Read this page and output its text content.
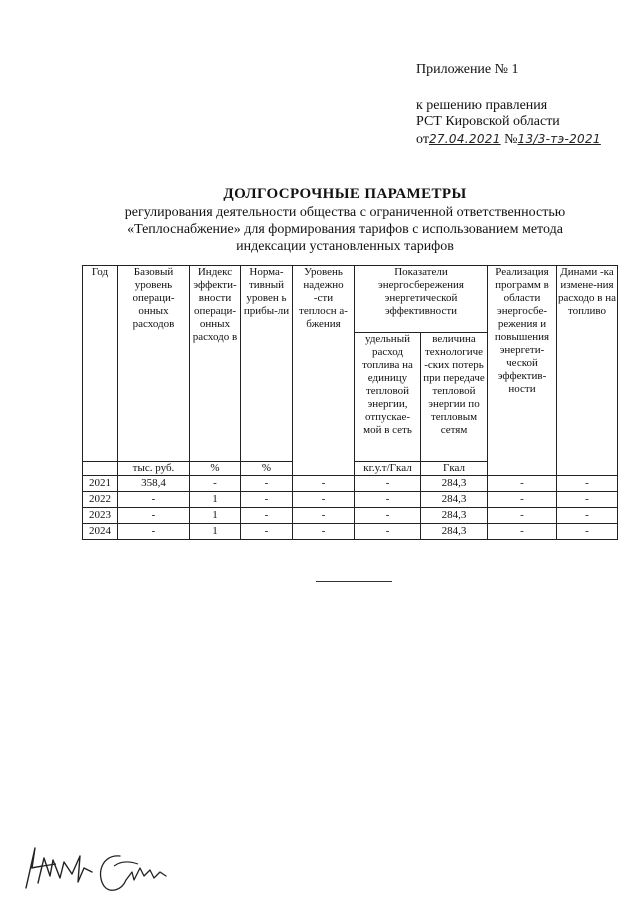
Приложение № 1
к решению правления
РСТ Кировской области
от27.04.2021 №13/3-тэ-2021
ДОЛГОСРОЧНЫЕ ПАРАМЕТРЫ
регулирования деятельности общества с ограниченной ответственностью
«Теплоснабжение» для формирования тарифов с использованием метода
индексации установленных тарифов
Год	Базовый уровень операци-онных расходов	Индекс эффекти-вности операци-онных расходо в	Норма-тивный уровен ь прибы-ли	Уровень надежно -сти теплосн а-бжения	Показатели энергосбережения энергетической эффективности		Реализация программ в области энергосбе-режения и повышения энергети-ческой эффектив-ности	Динами -ка измене-ния расходо в на топливо
					удельный расход топлива на единицу тепловой энергии, отпускае-мой в сеть	величина технологиче -ских потерь при передаче тепловой энергии по тепловым сетям		
	тыс. руб.	%	%		кг.у.т/Гкал	Гкал		
2021	358,4	-	-	-	-	284,3	-	-
2022	-	1	-	-	-	284,3	-	-
2023	-	1	-	-	-	284,3	-	-
2024	-	1	-	-	-	284,3	-	-
